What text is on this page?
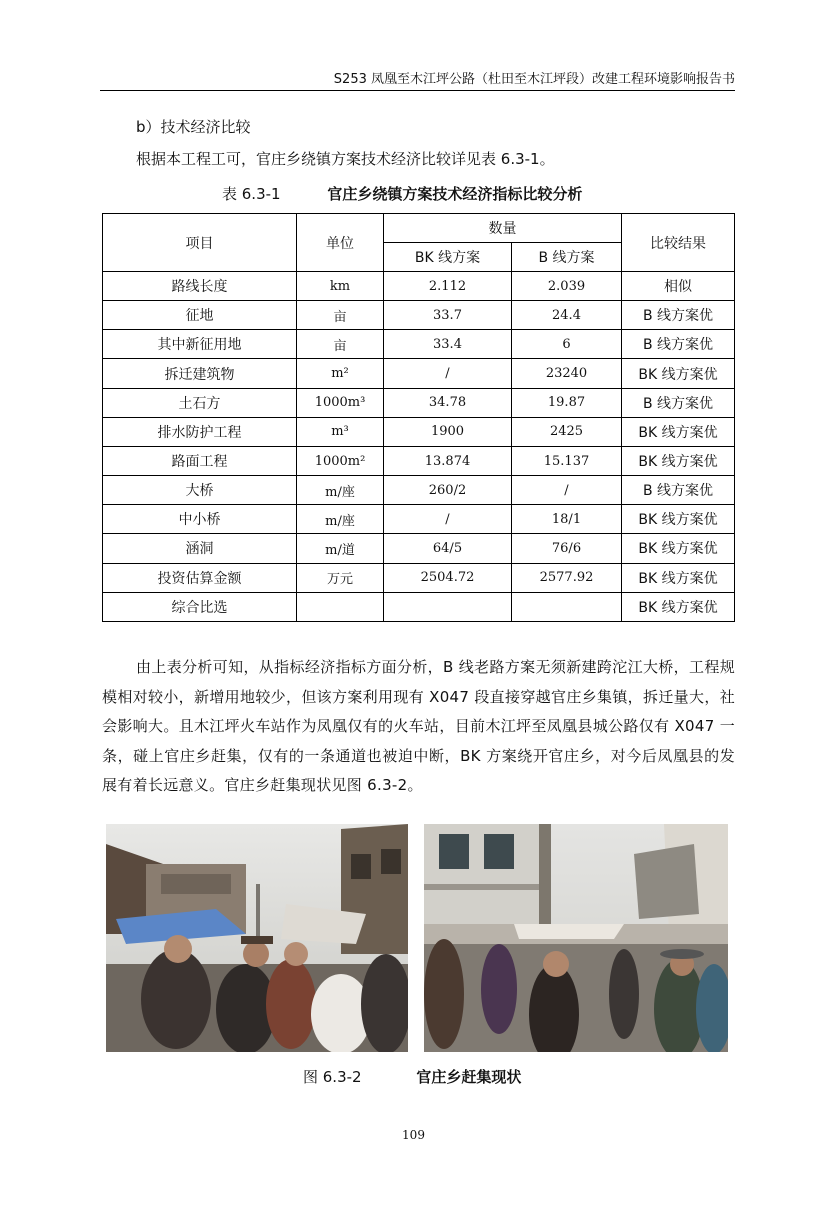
S253 凤凰至木江坪公路（杜田至木江坪段）改建工程环境影响报告书
b）技术经济比较
根据本工程工可，官庄乡绕镇方案技术经济比较详见表 6.3-1。
表 6.3-1	官庄乡绕镇方案技术经济指标比较分析
项目	单位	数量		比较结果
		BK 线方案	B 线方案	
路线长度	km	2.112	2.039	相似
征地	亩	33.7	24.4	B 线方案优
其中新征用地	亩	33.4	6	B 线方案优
拆迁建筑物	m²	/	23240	BK 线方案优
土石方	1000m³	34.78	19.87	B 线方案优
排水防护工程	m³	1900	2425	BK 线方案优
路面工程	1000m²	13.874	15.137	BK 线方案优
大桥	m/座	260/2	/	B 线方案优
中小桥	m/座	/	18/1	BK 线方案优
涵洞	m/道	64/5	76/6	BK 线方案优
投资估算金额	万元	2504.72	2577.92	BK 线方案优
综合比选				BK 线方案优
由上表分析可知，从指标经济指标方面分析，B 线老路方案无须新建跨沱江大桥，工程规模相对较小，新增用地较少，但该方案利用现有 X047 段直接穿越官庄乡集镇，拆迁量大，社会影响大。且木江坪火车站作为凤凰仅有的火车站，目前木江坪至凤凰县城公路仅有 X047 一条，碰上官庄乡赶集，仅有的一条通道也被迫中断，BK 方案绕开官庄乡，对今后凤凰县的发展有着长远意义。官庄乡赶集现状见图 6.3-2。
图 6.3-2	官庄乡赶集现状
109
